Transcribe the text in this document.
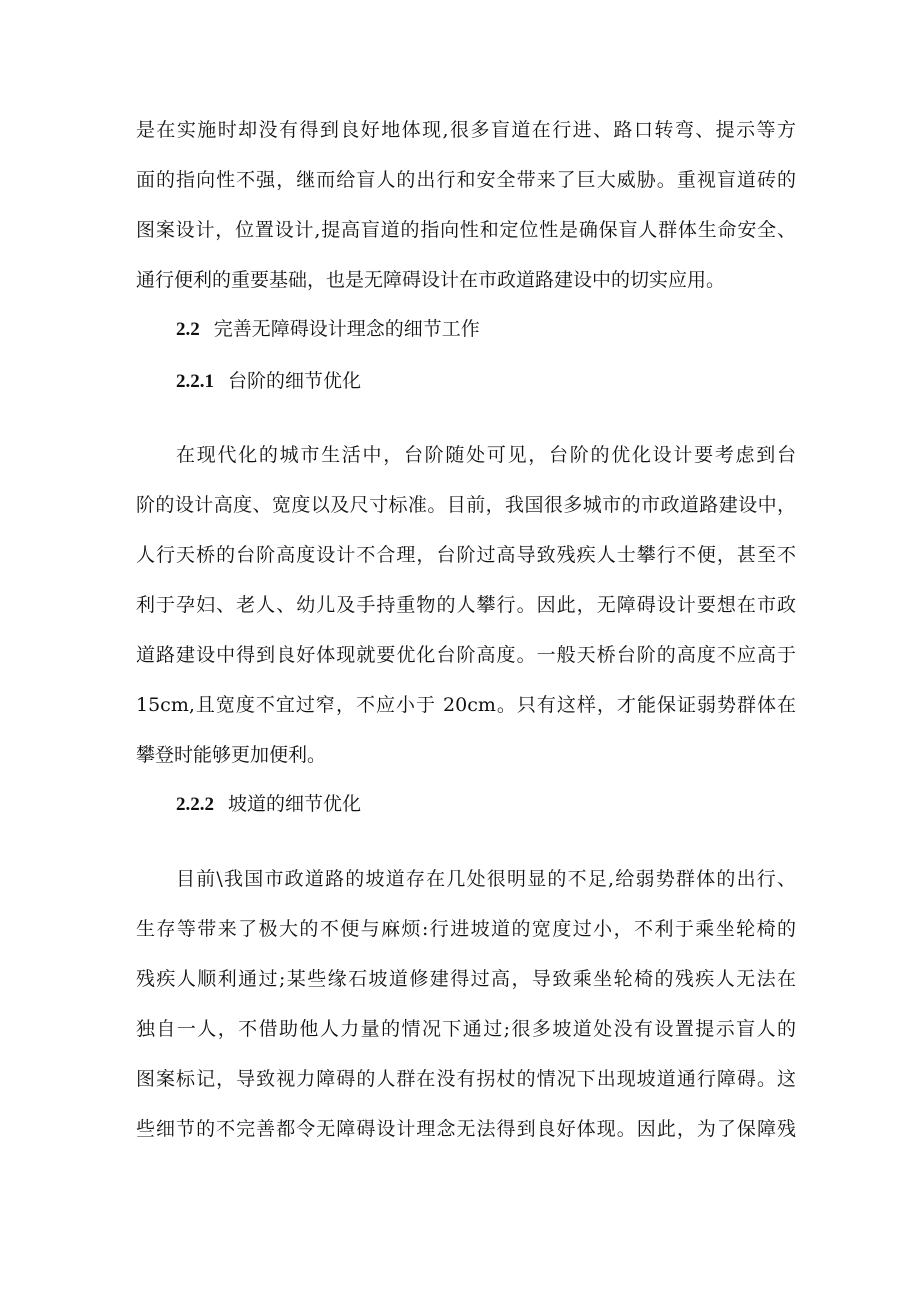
是在实施时却没有得到良好地体现,很多盲道在行进、路口转弯、提示等方
面的指向性不强，继而给盲人的出行和安全带来了巨大威胁。重视盲道砖的
图案设计，位置设计,提高盲道的指向性和定位性是确保盲人群体生命安全、
通行便利的重要基础，也是无障碍设计在市政道路建设中的切实应用。
2.2 完善无障碍设计理念的细节工作
2.2.1 台阶的细节优化
在现代化的城市生活中，台阶随处可见，台阶的优化设计要考虑到台
阶的设计高度、宽度以及尺寸标准。目前，我国很多城市的市政道路建设中，
人行天桥的台阶高度设计不合理，台阶过高导致残疾人士攀行不便，甚至不
利于孕妇、老人、幼儿及手持重物的人攀行。因此，无障碍设计要想在市政
道路建设中得到良好体现就要优化台阶高度。一般天桥台阶的高度不应高于
15cm,且宽度不宜过窄，不应小于 20cm。只有这样，才能保证弱势群体在
攀登时能够更加便利。
2.2.2 坡道的细节优化
目前\我国市政道路的坡道存在几处很明显的不足,给弱势群体的出行、
生存等带来了极大的不便与麻烦:行进坡道的宽度过小，不利于乘坐轮椅的
残疾人顺利通过;某些缘石坡道修建得过高，导致乘坐轮椅的残疾人无法在
独自一人，不借助他人力量的情况下通过;很多坡道处没有设置提示盲人的
图案标记，导致视力障碍的人群在没有拐杖的情况下出现坡道通行障碍。这
些细节的不完善都令无障碍设计理念无法得到良好体现。因此，为了保障残
